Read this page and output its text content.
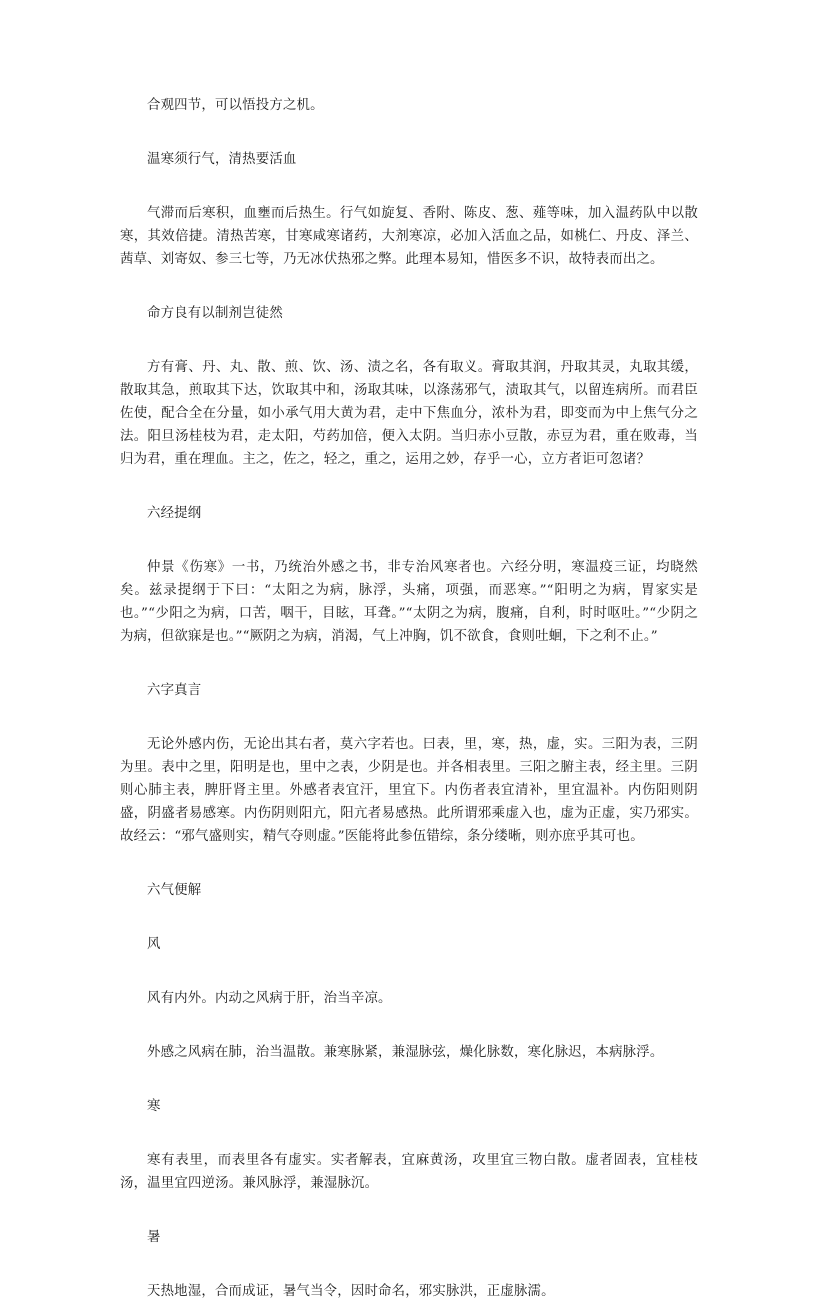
合观四节，可以悟投方之机。

温寒须行气，清热要活血

气滞而后寒积，血壅而后热生。行气如旋复、香附、陈皮、葱、薤等味，加入温药队中以散寒，其效倍捷。清热苦寒，甘寒咸寒诸药，大剂寒凉，必加入活血之品，如桃仁、丹皮、泽兰、茜草、刘寄奴、参三七等，乃无冰伏热邪之弊。此理本易知，惜医多不识，故特表而出之。

命方良有以制剂岂徒然

方有膏、丹、丸、散、煎、饮、汤、渍之名，各有取义。膏取其润，丹取其灵，丸取其缓，散取其急，煎取其下达，饮取其中和，汤取其味，以涤荡邪气，渍取其气，以留连病所。而君臣佐使，配合全在分量，如小承气用大黄为君，走中下焦血分，浓朴为君，即变而为中上焦气分之法。阳旦汤桂枝为君，走太阳，芍药加倍，便入太阴。当归赤小豆散，赤豆为君，重在败毒，当归为君，重在理血。主之，佐之，轻之，重之，运用之妙，存乎一心，立方者讵可忽诸？

六经提纲

仲景《伤寒》一书，乃统治外感之书，非专治风寒者也。六经分明，寒温疫三证，均晓然矣。兹录提纲于下曰：“太阳之为病，脉浮，头痛，项强，而恶寒。”“阳明之为病，胃家实是也。”“少阳之为病，口苦，咽干，目眩，耳聋。”“太阴之为病，腹痛，自利，时时呕吐。”“少阴之为病，但欲寐是也。”“厥阴之为病，消渴，气上冲胸，饥不欲食，食则吐蛔，下之利不止。”

六字真言

无论外感内伤，无论出其右者，莫六字若也。曰表，里，寒，热，虚，实。三阳为表，三阴为里。表中之里，阳明是也，里中之表，少阴是也。并各相表里。三阳之腑主表，经主里。三阴则心肺主表，脾肝肾主里。外感者表宜汗，里宜下。内伤者表宜清补，里宜温补。内伤阳则阴盛，阴盛者易感寒。内伤阴则阳亢，阳亢者易感热。此所谓邪乘虚入也，虚为正虚，实乃邪实。故经云：“邪气盛则实，精气夺则虚。”医能将此参伍错综，条分缕晰，则亦庶乎其可也。

六气便解

风

风有内外。内动之风病于肝，治当辛凉。

外感之风病在肺，治当温散。兼寒脉紧，兼湿脉弦，燥化脉数，寒化脉迟，本病脉浮。

寒

寒有表里，而表里各有虚实。实者解表，宜麻黄汤，攻里宜三物白散。虚者固表，宜桂枝汤，温里宜四逆汤。兼风脉浮，兼湿脉沉。

暑

天热地湿，合而成证，暑气当令，因时命名，邪实脉洪，正虚脉濡。
